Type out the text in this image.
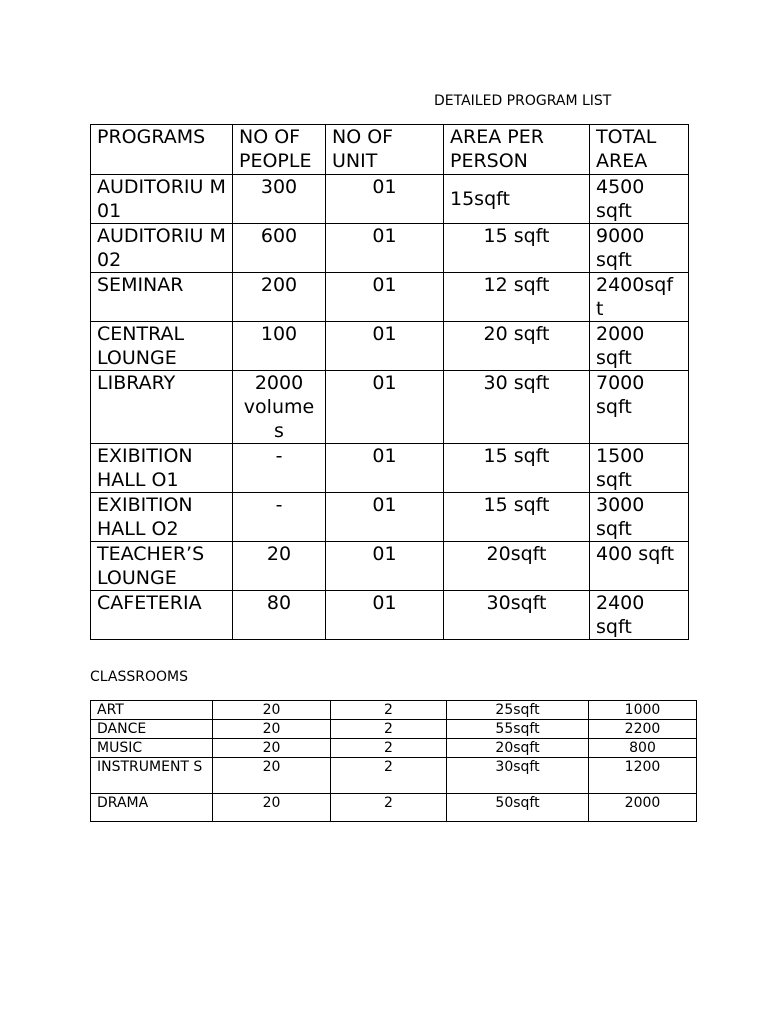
DETAILED PROGRAM LIST
PROGRAMS	NO OF PEOPLE	NO OF UNIT	AREA PER PERSON	TOTAL AREA
AUDITORIU M 01	300	01	15sqft	4500 sqft
AUDITORIU M 02	600	01	15 sqft	9000 sqft
SEMINAR	200	01	12 sqft	2400sqf t
CENTRAL LOUNGE	100	01	20 sqft	2000 sqft
LIBRARY	2000 volume s	01	30 sqft	7000 sqft
EXIBITION HALL O1	-	01	15 sqft	1500 sqft
EXIBITION HALL O2	-	01	15 sqft	3000 sqft
TEACHER’S LOUNGE	20	01	20sqft	400 sqft
CAFETERIA	80	01	30sqft	2400 sqft
CLASSROOMS
ART	20	2	25sqft	1000
DANCE	20	2	55sqft	2200
MUSIC	20	2	20sqft	800
INSTRUMENT S	20	2	30sqft	1200
DRAMA	20	2	50sqft	2000
